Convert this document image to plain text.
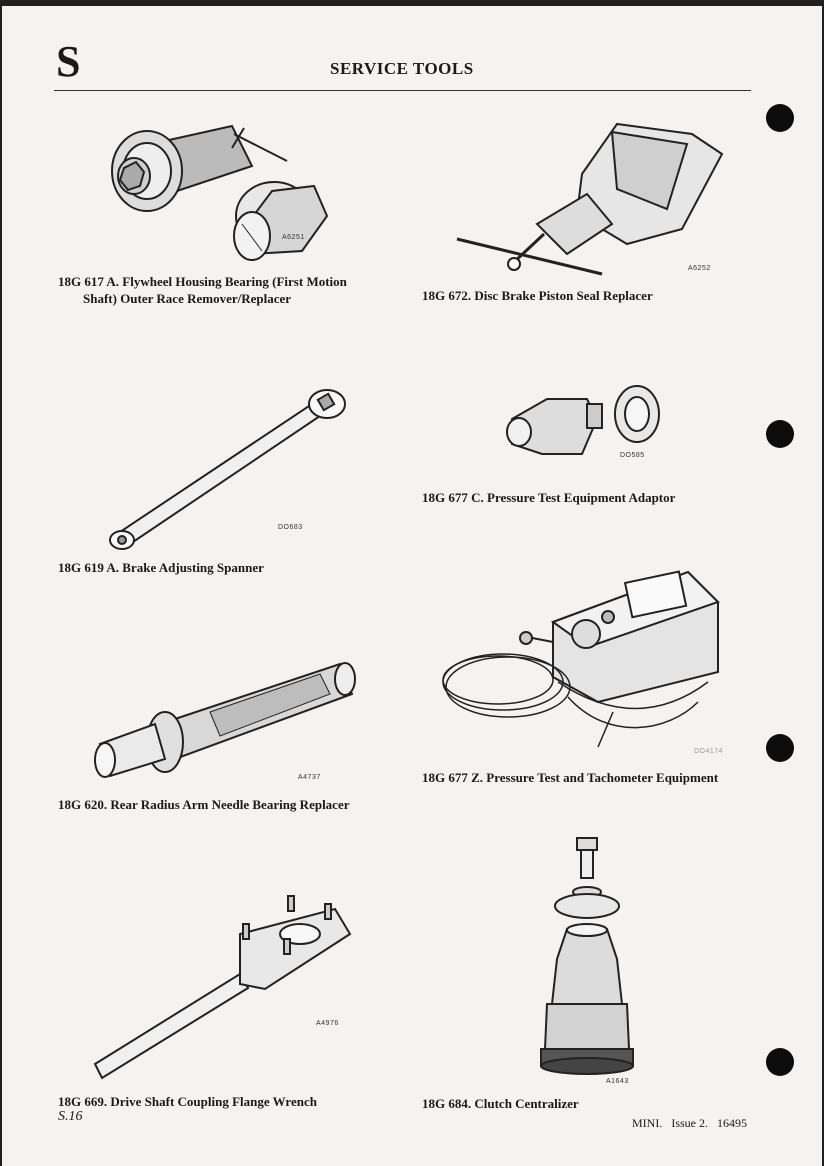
S	SERVICE TOOLS
A6251
18G 617 A. Flywheel Housing Bearing (First Motion
Shaft) Outer Race Remover/Replacer
A6252
18G 672. Disc Brake Piston Seal Replacer
DO683
18G 619 A. Brake Adjusting Spanner
DO585
18G 677 C. Pressure Test Equipment Adaptor
A4737
18G 620. Rear Radius Arm Needle Bearing Replacer
DO4174
18G 677 Z. Pressure Test and Tachometer Equipment
A4976
18G 669. Drive Shaft Coupling Flange Wrench
A1643
18G 684. Clutch Centralizer
S.16	MINI.   Issue 2.   16495
